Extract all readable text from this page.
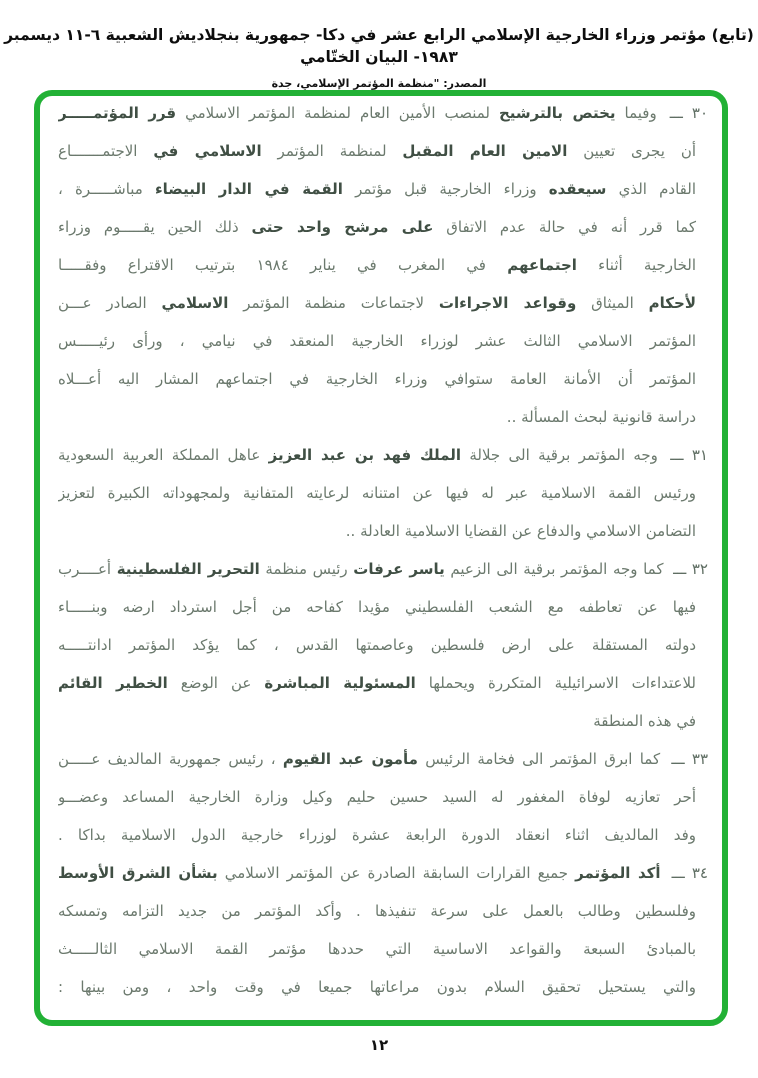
(تابع) مؤتمر وزراء الخارجية الإسلامي الرابع عشر في دكا- جمهورية بنجلاديش الشعبية ٦-١١ ديسمبر ١٩٨٣- البيان الختّامي
المصدر: "منظمة المؤتمر الإسلامي، جدة
٣٠ ـــ وفيما يختص بالترشيح لمنصب الأمين العام لمنظمة المؤتمر الاسلامي قرر المؤتمـــــر
أن يجرى تعيين الامين العام المقبل لمنظمة المؤتمر الاسلامي في الاجتمـــــــاع
القادم الذي سيعقده وزراء الخارجية قبل مؤتمر القمة في الدار البيضاء مباشـــــرة ،
كما قرر أنه في حالة عدم الاتفاق على مرشح واحد حتى ذلك الحين يقـــــوم وزراء
الخارجية أثناء اجتماعهم في المغرب في يناير ١٩٨٤ بترتيب الاقتراع وفقـــــا
لأحكام الميثاق وقواعد الاجراءات لاجتماعات منظمة المؤتمر الاسلامي الصادر عـــن
المؤتمر الاسلامي الثالث عشر لوزراء الخارجية المنعقد في نيامي ، ورأى رئيـــــس
المؤتمر أن الأمانة العامة ستوافي وزراء الخارجية في اجتماعهم المشار اليه أعـــلاه
دراسة قانونية لبحث المسألة ..
٣١ ـــ وجه المؤتمر برقية الى جلالة الملك فهد بن عبد العزيز عاهل المملكة العربية السعودية
ورئيس القمة الاسلامية عبر له فيها عن امتنانه لرعايته المتفانية ولمجهوداته الكبيرة لتعزيز
التضامن الاسلامي والدفاع عن القضايا الاسلامية العادلة ..
٣٢ ـــ كما وجه المؤتمر برقية الى الزعيم ياسر عرفات رئيس منظمة التحرير الفلسطينية أعــــرب
فيها عن تعاطفه مع الشعب الفلسطيني مؤيدا كفاحه من أجل استرداد ارضه وبنـــــاء
دولته المستقلة على ارض فلسطين وعاصمتها القدس ، كما يؤكد المؤتمر ادانتـــــه
للاعتداءات الاسرائيلية المتكررة ويحملها المسئولية المباشرة عن الوضع الخطير القائم
في هذه المنطقة
٣٣ ـــ كما ابرق المؤتمر الى فخامة الرئيس مأمون عبد القيوم ، رئيس جمهورية المالديف عـــــن
أحر تعازيه لوفاة المغفور له السيد حسين حليم وكيل وزارة الخارجية المساعد وعضـــو
وفد المالديف اثناء انعقاد الدورة الرابعة عشرة لوزراء خارجية الدول الاسلامية بداكا .
٣٤ ـــ أكد المؤتمر جميع القرارات السابقة الصادرة عن المؤتمر الاسلامي بشأن الشرق الأوسط
وفلسطين وطالب بالعمل على سرعة تنفيذها . وأكد المؤتمر من جديد التزامه وتمسكه
بالمبادئ السبعة والقواعد الاساسية التي حددها مؤتمر القمة الاسلامي الثالـــــث
والتي يستحيل تحقيق السلام بدون مراعاتها جميعا في وقت واحد ، ومن بينها :
١٢
